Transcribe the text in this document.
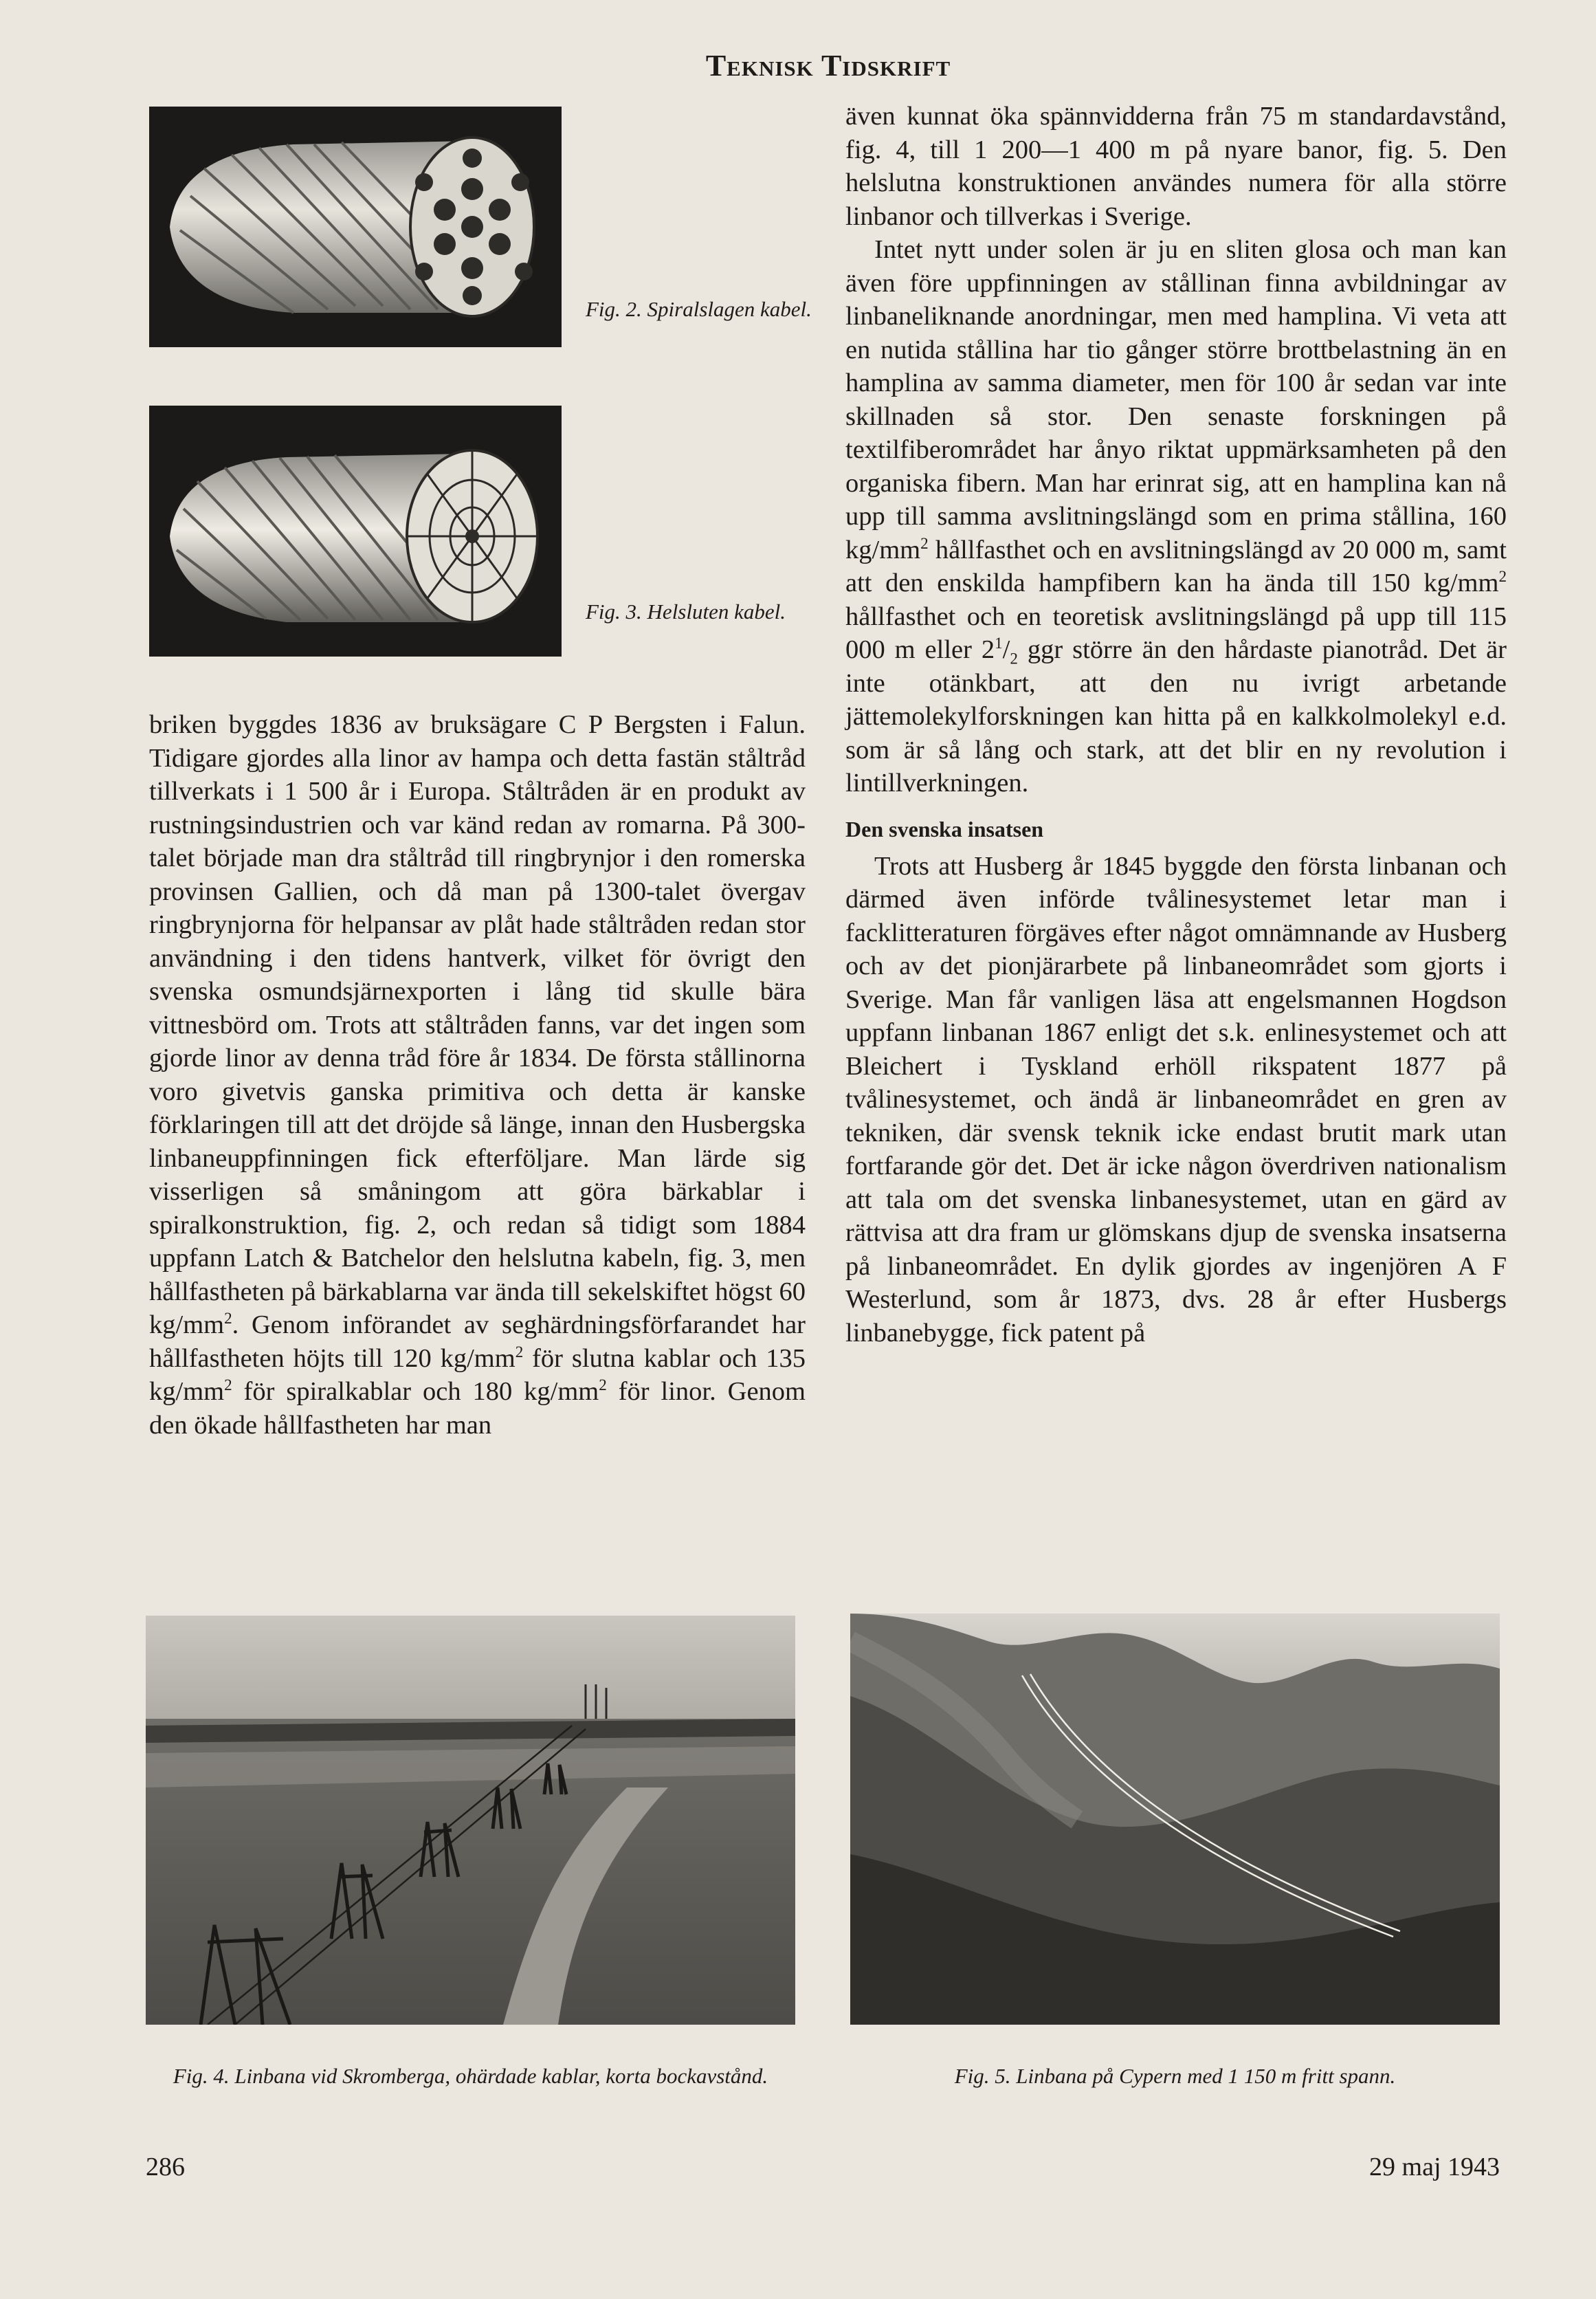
Teknisk Tidskrift
Fig. 2. Spiralslagen kabel.
Fig. 3. Helsluten kabel.

briken byggdes 1836 av bruksägare C P Bergsten i Falun. Tidigare gjordes alla linor av hampa och detta fastän ståltråd tillverkats i 1 500 år i Europa. Ståltråden är en produkt av rustningsindustrien och var känd redan av romarna. På 300-talet började man dra ståltråd till ringbrynjor i den romerska provinsen Gallien, och då man på 1300-talet övergav ringbrynjorna för helpansar av plåt hade ståltråden redan stor användning i den tidens hantverk, vilket för övrigt den svenska osmundsjärnexporten i lång tid skulle bära vittnesbörd om. Trots att ståltråden fanns, var det ingen som gjorde linor av denna tråd före år 1834. De första stållinorna voro givetvis ganska primitiva och detta är kanske förklaringen till att det dröjde så länge, innan den Husbergska linbaneuppfinningen fick efterföljare. Man lärde sig visserligen så småningom att göra bärkablar i spiralkonstruktion, fig. 2, och redan så tidigt som 1884 uppfann Latch & Batchelor den helslutna kabeln, fig. 3, men hållfastheten på bärkablarna var ända till sekelskiftet högst 60 $kg/mm^2$. Genom införandet av seghärdningsförfarandet har hållfastheten höjts till 120 $kg/mm^2$ för slutna kablar och 135 $kg/mm^2$ för spiralkablar och 180 $kg/mm^2$ för linor. Genom den ökade hållfastheten har man

även kunnat öka spännvidderna från 75 m standardavstånd, fig. 4, till 1 200—1 400 m på nyare banor, fig. 5. Den helslutna konstruktionen användes numera för alla större linbanor och tillverkas i Sverige.

Intet nytt under solen är ju en sliten glosa och man kan även före uppfinningen av stållinan finna avbildningar av linbaneliknande anordningar, men med hamplina. Vi veta att en nutida stållina har tio gånger större brottbelastning än en hamplina av samma diameter, men för 100 år sedan var inte skillnaden så stor. Den senaste forskningen på textilfiberområdet har ånyo riktat uppmärksamheten på den organiska fibern. Man har erinrat sig, att en hamplina kan nå upp till samma avslitningslängd som en prima stållina, 160 $kg/mm^2$ hållfasthet och en avslitningslängd av 20 000 m, samt att den enskilda hampfibern kan ha ända till 150 $kg/mm^2$ hållfasthet och en teoretisk avslitningslängd på upp till 115 000 m eller $2^1/_2$ ggr större än den hårdaste pianotråd. Det är inte otänkbart, att den nu ivrigt arbetande jättemolekylforskningen kan hitta på en kalkkolmolekyl e.d. som är så lång och stark, att det blir en ny revolution i lintillverkningen.

Den svenska insatsen

Trots att Husberg år 1845 byggde den första linbanan och därmed även införde tvålinesystemet letar man i facklitteraturen förgäves efter något omnämnande av Husberg och av det pionjärarbete på linbaneområdet som gjorts i Sverige. Man får vanligen läsa att engelsmannen Hogdson uppfann linbanan 1867 enligt det s.k. enlinesystemet och att Bleichert i Tyskland erhöll rikspatent 1877 på tvålinesystemet, och ändå är linbaneområdet en gren av tekniken, där svensk teknik icke endast brutit mark utan fortfarande gör det. Det är icke någon överdriven nationalism att tala om det svenska linbanesystemet, utan en gärd av rättvisa att dra fram ur glömskans djup de svenska insatserna på linbaneområdet. En dylik gjordes av ingenjören A F Westerlund, som år 1873, dvs. 28 år efter Husbergs linbanebygge, fick patent på

Fig. 4. Linbana vid Skromberga, ohärdade kablar, korta bockavstånd.	Fig. 5. Linbana på Cypern med 1 150 m fritt spann.
286	29 maj 1943
